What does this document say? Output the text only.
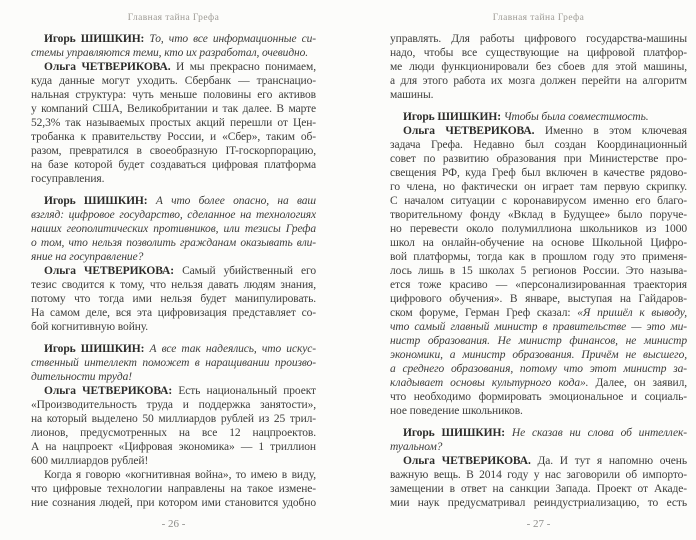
Главная тайна Грефа

Игорь ШИШКИН: То, что все информационные си-
стемы управляются теми, кто их разработал, очевидно.

Ольга ЧЕТВЕРИКОВА. И мы прекрасно понимаем,
куда данные могут уходить. Сбербанк — транснацио-
нальная структура: чуть меньше половины его активов
у компаний США, Великобритании и так далее. В марте
52,3% так называемых простых акций перешли от Цен-
тробанка к правительству России, и «Сбер», таким об-
разом, превратился в своеобразную IT-госкорпорацию,
на базе которой будет создаваться цифровая платформа
госуправления.

Игорь ШИШКИН: А что более опасно, на ваш
взгляд: цифровое государство, сделанное на технологиях
наших геополитических противников, или тезисы Грефа
о том, что нельзя позволить гражданам оказывать вли-
яние на госуправление?

Ольга ЧЕТВЕРИКОВА: Самый убийственный его
тезис сводится к тому, что нельзя давать людям знания,
потому что тогда ими нельзя будет манипулировать.
На самом деле, вся эта цифровизация представляет со-
бой когнитивную войну.

Игорь ШИШКИН: А все так надеялись, что искус-
ственный интеллект поможет в наращивании произво-
дительности труда!

Ольга ЧЕТВЕРИКОВА: Есть национальный проект
«Производительность труда и поддержка занятости»,
на который выделено 50 миллиардов рублей из 25 трил-
лионов, предусмотренных на все 12 нацпроектов.
А на нацпроект «Цифровая экономика» — 1 триллион
600 миллиардов рублей!

Когда я говорю «когнитивная война», то имею в виду,
что цифровые технологии направлены на такое измене-
ние сознания людей, при котором ими становится удобно

- 26 -
Главная тайна Грефа

управлять. Для работы цифрового государства-машины
надо, чтобы все существующие на цифровой платфор-
ме люди функционировали без сбоев для этой машины,
а для этого работа их мозга должен перейти на алгоритм
машины.

Игорь ШИШКИН: Чтобы была совместимость.

Ольга ЧЕТВЕРИКОВА. Именно в этом ключевая
задача Грефа. Недавно был создан Координационный
совет по развитию образования при Министерстве про-
свещения РФ, куда Греф был включен в качестве рядово-
го члена, но фактически он играет там первую скрипку.
С началом ситуации с коронавирусом именно его благо-
творительному фонду «Вклад в Будущее» было поруче-
но перевести около полумиллиона школьников из 1000
школ на онлайн-обучение на основе Школьной Цифро-
вой платформы, тогда как в прошлом году это применя-
лось лишь в 15 школах 5 регионов России. Это называ-
ется тоже красиво — «персонализированная траектория
цифрового обучения». В январе, выступая на Гайдаров-
ском форуме, Герман Греф сказал: «Я пришёл к выводу,
что самый главный министр в правительстве — это ми-
нистр образования. Не министр финансов, не министр
экономики, а министр образования. Причём не высшего,
а среднего образования, потому что этот министр за-
кладывает основы культурного кода». Далее, он заявил,
что необходимо формировать эмоциональное и социаль-
ное поведение школьников.

Игорь ШИШКИН: Не сказав ни слова об интеллек-
туальном?

Ольга ЧЕТВЕРИКОВА. Да. И тут я напомню очень
важную вещь. В 2014 году у нас заговорили об импорто-
замещении в ответ на санкции Запада. Проект от Акаде-
мии наук предусматривал реиндустриализацию, то есть

- 27 -
